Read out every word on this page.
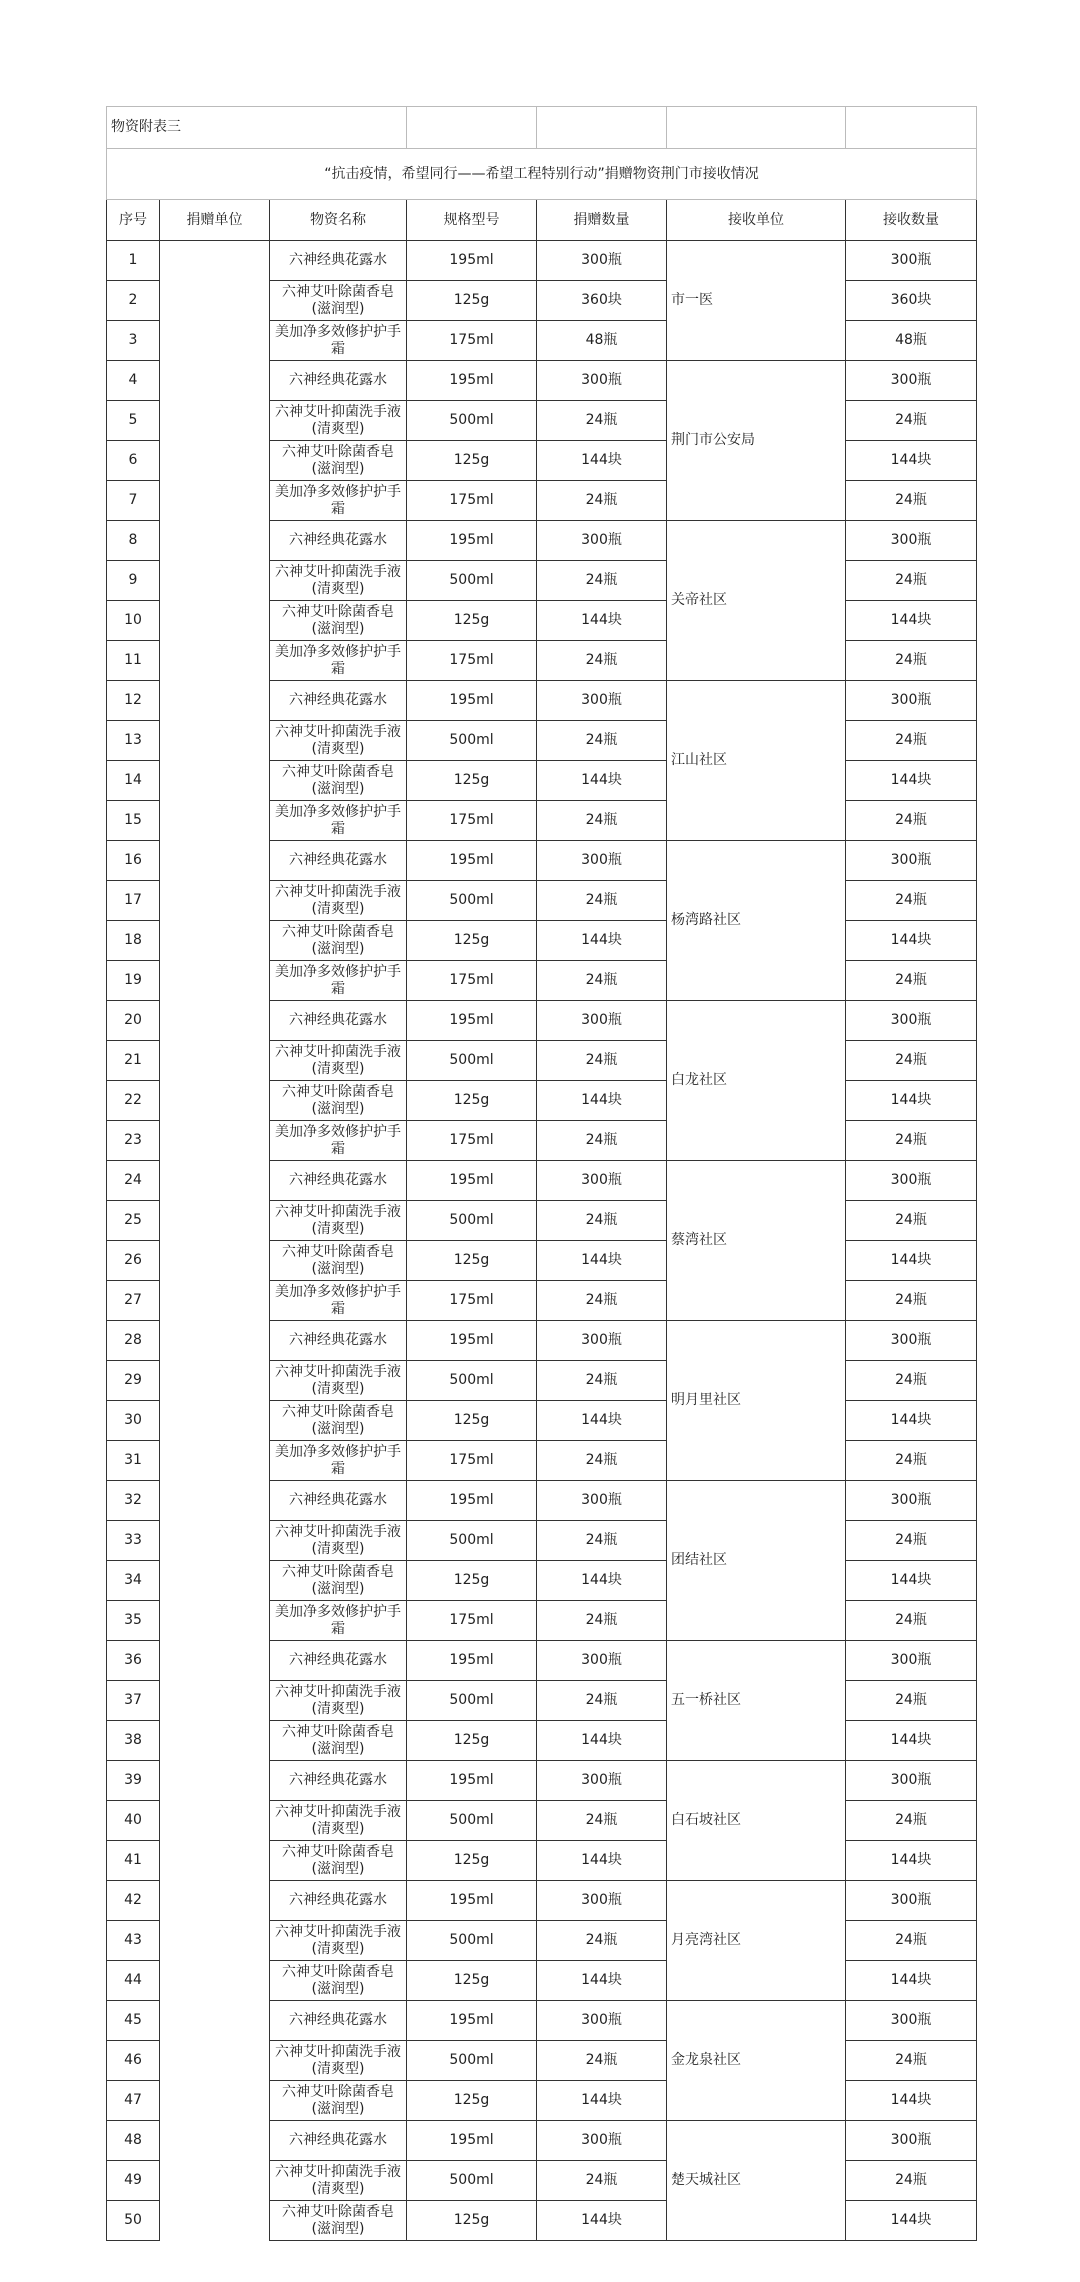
物资附表三						
“抗击疫情，希望同行——希望工程特别行动”捐赠物资荆门市接收情况						
序号	捐赠单位	物资名称	规格型号	捐赠数量	接收单位	接收数量
1		六神经典花露水	195ml	300瓶	市一医	300瓶
2		六神艾叶除菌香皂(滋润型)	125g	360块		360块
3		美加净多效修护护手霜	175ml	48瓶		48瓶
4		六神经典花露水	195ml	300瓶	荆门市公安局	300瓶
5		六神艾叶抑菌洗手液(清爽型)	500ml	24瓶		24瓶
6		六神艾叶除菌香皂(滋润型)	125g	144块		144块
7		美加净多效修护护手霜	175ml	24瓶		24瓶
8		六神经典花露水	195ml	300瓶	关帝社区	300瓶
9		六神艾叶抑菌洗手液(清爽型)	500ml	24瓶		24瓶
10		六神艾叶除菌香皂(滋润型)	125g	144块		144块
11		美加净多效修护护手霜	175ml	24瓶		24瓶
12		六神经典花露水	195ml	300瓶	江山社区	300瓶
13		六神艾叶抑菌洗手液(清爽型)	500ml	24瓶		24瓶
14		六神艾叶除菌香皂(滋润型)	125g	144块		144块
15		美加净多效修护护手霜	175ml	24瓶		24瓶
16		六神经典花露水	195ml	300瓶	杨湾路社区	300瓶
17		六神艾叶抑菌洗手液(清爽型)	500ml	24瓶		24瓶
18		六神艾叶除菌香皂(滋润型)	125g	144块		144块
19		美加净多效修护护手霜	175ml	24瓶		24瓶
20		六神经典花露水	195ml	300瓶	白龙社区	300瓶
21		六神艾叶抑菌洗手液(清爽型)	500ml	24瓶		24瓶
22		六神艾叶除菌香皂(滋润型)	125g	144块		144块
23		美加净多效修护护手霜	175ml	24瓶		24瓶
24		六神经典花露水	195ml	300瓶	蔡湾社区	300瓶
25		六神艾叶抑菌洗手液(清爽型)	500ml	24瓶		24瓶
26		六神艾叶除菌香皂(滋润型)	125g	144块		144块
27		美加净多效修护护手霜	175ml	24瓶		24瓶
28		六神经典花露水	195ml	300瓶	明月里社区	300瓶
29		六神艾叶抑菌洗手液(清爽型)	500ml	24瓶		24瓶
30		六神艾叶除菌香皂(滋润型)	125g	144块		144块
31		美加净多效修护护手霜	175ml	24瓶		24瓶
32		六神经典花露水	195ml	300瓶	团结社区	300瓶
33		六神艾叶抑菌洗手液(清爽型)	500ml	24瓶		24瓶
34		六神艾叶除菌香皂(滋润型)	125g	144块		144块
35		美加净多效修护护手霜	175ml	24瓶		24瓶
36		六神经典花露水	195ml	300瓶	五一桥社区	300瓶
37		六神艾叶抑菌洗手液(清爽型)	500ml	24瓶		24瓶
38		六神艾叶除菌香皂(滋润型)	125g	144块		144块
39		六神经典花露水	195ml	300瓶	白石坡社区	300瓶
40		六神艾叶抑菌洗手液(清爽型)	500ml	24瓶		24瓶
41		六神艾叶除菌香皂(滋润型)	125g	144块		144块
42		六神经典花露水	195ml	300瓶	月亮湾社区	300瓶
43		六神艾叶抑菌洗手液(清爽型)	500ml	24瓶		24瓶
44		六神艾叶除菌香皂(滋润型)	125g	144块		144块
45		六神经典花露水	195ml	300瓶	金龙泉社区	300瓶
46		六神艾叶抑菌洗手液(清爽型)	500ml	24瓶		24瓶
47		六神艾叶除菌香皂(滋润型)	125g	144块		144块
48		六神经典花露水	195ml	300瓶	楚天城社区	300瓶
49		六神艾叶抑菌洗手液(清爽型)	500ml	24瓶		24瓶
50		六神艾叶除菌香皂(滋润型)	125g	144块		144块
